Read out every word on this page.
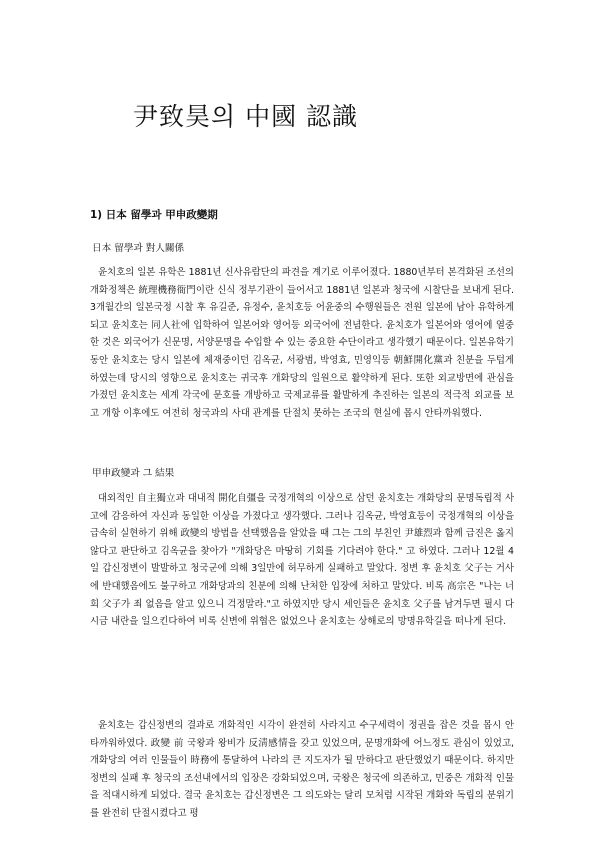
尹致昊의 中國 認識
1) 日本 留學과 甲申政變期
日本 留學과 對人關係

윤치호의 일본 유학은 1881년 신사유람단의 파견을 계기로 이루어졌다. 1880년부터 본격화된 조선의 개화정책은 統理機務衙門이란 신식 정부기관이 들어서고 1881년 일본과 청국에 시찰단을 보내게 된다. 3개월간의 일본국정 시찰 후 유길준, 유정수, 윤치호등 어윤중의 수행원들은 전원 일본에 남아 유학하게 되고 윤치호는 同人社에 입학하여 일본어와 영어등 외국어에 전념한다. 윤치호가 일본어와 영어에 열중한 것은 외국어가 신문명, 서양문명을 수입할 수 있는 중요한 수단이라고 생각했기 때문이다. 일본유학기동안 윤치호는 당시 일본에 체재중이던 김옥균, 서광범, 박영효, 민영익등 朝鮮開化黨과 친분을 두텁게 하였는데 당시의 영향으로 윤치호는 귀국후 개화당의 일원으로 활약하게 된다. 또한 외교방면에 관심을 가졌던 윤치호는 세계 각국에 문호를 개방하고 국제교류를 활발하게 추진하는 일본의 적극적 외교를 보고 개항 이후에도 여전히 청국과의 사대 관계를 단절치 못하는 조국의 현실에 몹시 안타까워했다.

甲申政變과 그 結果

대외적인 自主獨立과 대내적 開化自彊을 국정개혁의 이상으로 삼던 윤치호는 개화당의 문명독립적 사고에 감응하여 자신과 동일한 이상을 가졌다고 생각했다. 그러나 김옥균, 박영효등이 국정개혁의 이상을 급속히 실현하기 위해 政變의 방법을 선택했음을 알았을 때 그는 그의 부친인 尹雄烈과 함께 급진은 옳지 않다고 판단하고 김옥균을 찾아가 "개화당은 마땅히 기회를 기다려야 한다." 고 하였다. 그러나 12월 4일 갑신정변이 발발하고 청국군에 의해 3일만에 허무하게 실패하고 말았다. 정변 후 윤치호 父子는 거사에 반대했음에도 불구하고 개화당과의 친분에 의해 난처한 입장에 처하고 말았다. 비록 高宗은 "나는 너희 父子가 죄 없음을 알고 있으니 걱정말라."고 하였지만 당시 세인들은 윤치호 父子를 남겨두면 필시 다시금 내란을 일으킨다하여 비록 신변에 위협은 없었으나 윤치호는 상해로의 망명유학길을 떠나게 된다.

윤치호는 갑신정변의 결과로 개화적인 시각이 완전히 사라지고 수구세력이 정권을 잡은 것을 몹시 안타까워하였다. 政變 前 국왕과 왕비가 反淸感情을 갖고 있었으며, 문명개화에 어느정도 관심이 있었고, 개화당의 여러 인물들이 時務에 통달하여 나라의 큰 지도자가 될 만하다고 판단했었기 때문이다. 하지만 정변의 실패 후 청국의 조선내에서의 입장은 강화되었으며, 국왕은 청국에 의존하고, 민중은 개화적 인물을 적대시하게 되었다. 결국 윤치호는 갑신정변은 그 의도와는 달리 모처럼 시작된 개화와 독립의 분위기를 완전히 단절시켰다고 평
